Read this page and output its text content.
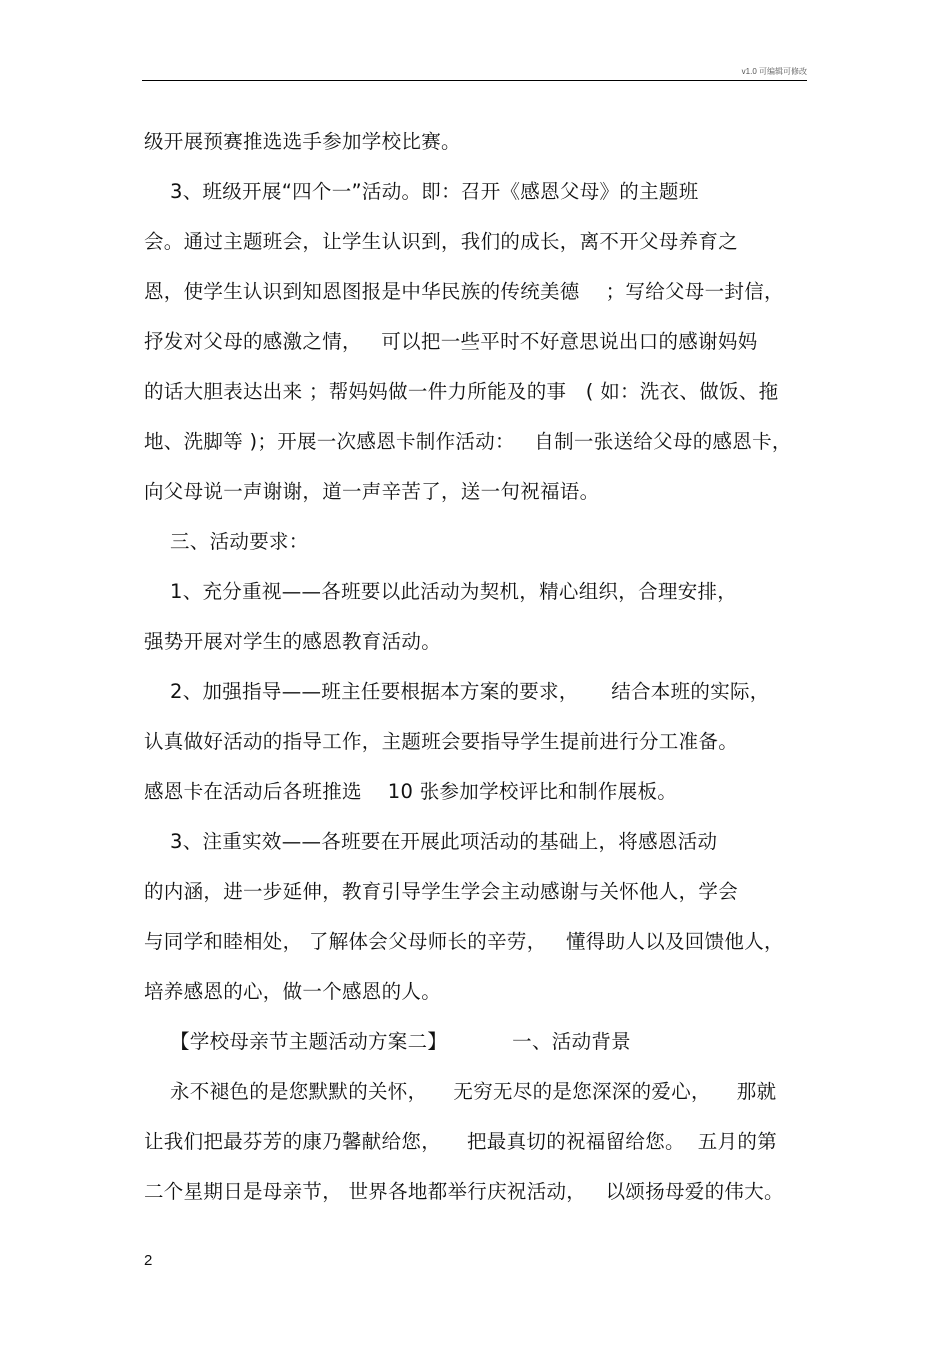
v1.0 可编辑可修改
级开展预赛推选选手参加学校比赛。
3、班级开展“四个一”活动。即：召开《感恩父母》的主题班
会。通过主题班会，让学生认识到，我们的成长，离不开父母养育之
恩，使学生认识到知恩图报是中华民族的传统美德    ；写给父母一封信，
抒发对父母的感激之情，   可以把一些平时不好意思说出口的感谢妈妈
的话大胆表达出来 ；帮妈妈做一件力所能及的事   ( 如：洗衣、做饭、拖
地、洗脚等 )；开展一次感恩卡制作活动：   自制一张送给父母的感恩卡，
向父母说一声谢谢，道一声辛苦了，送一句祝福语。
三、活动要求：
1、充分重视——各班要以此活动为契机，精心组织，合理安排，
强势开展对学生的感恩教育活动。
2、加强指导——班主任要根据本方案的要求，     结合本班的实际，
认真做好活动的指导工作，主题班会要指导学生提前进行分工准备。
感恩卡在活动后各班推选    10 张参加学校评比和制作展板。
3、注重实效——各班要在开展此项活动的基础上，将感恩活动
的内涵，进一步延伸，教育引导学生学会主动感谢与关怀他人，学会
与同学和睦相处， 了解体会父母师长的辛劳，   懂得助人以及回馈他人，
培养感恩的心，做一个感恩的人。
【学校母亲节主题活动方案二】          一、活动背景
永不褪色的是您默默的关怀，    无穷无尽的是您深深的爱心，    那就
让我们把最芬芳的康乃馨献给您，    把最真切的祝福留给您。  五月的第
二个星期日是母亲节， 世界各地都举行庆祝活动，   以颂扬母爱的伟大。
2
